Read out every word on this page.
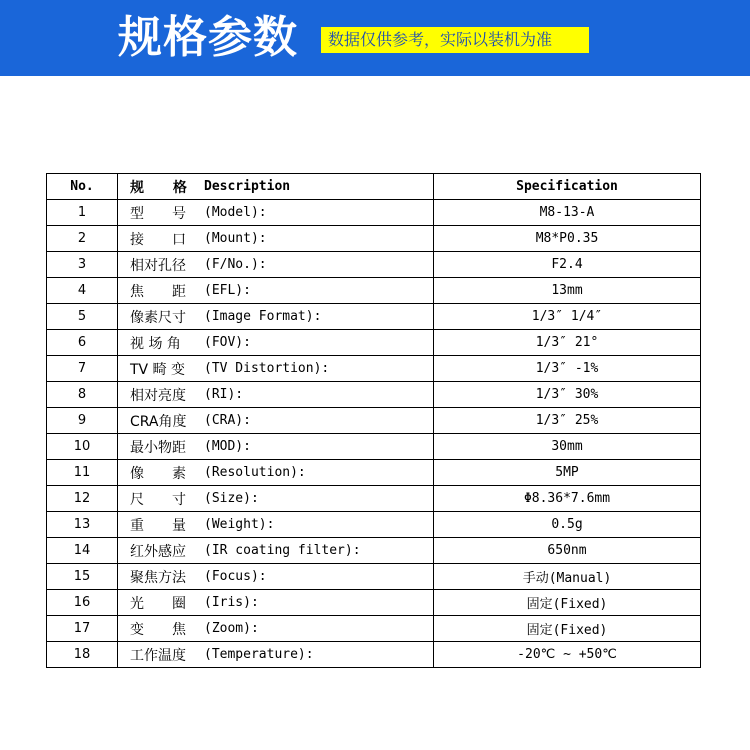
规格参数	数据仅供参考，实际以装机为准
No.	规 格 Description	Specification
1	型　　号 (Model):	M8-13-A
2	接　　口 (Mount):	M8*P0.35
3	相对孔径 (F/No.):	F2.4
4	焦　　距 (EFL):	13mm
5	像素尺寸 (Image Format):	1/3″ 1/4″
6	视 场 角 (FOV):	1/3″ 21°
7	TV 畸 变 (TV Distortion):	1/3″ -1%
8	相对亮度 (RI):	1/3″ 30%
9	CRA角度 (CRA):	1/3″ 25%
10	最小物距 (MOD):	30mm
11	像　　素 (Resolution):	5MP
12	尺　　寸 (Size):	Φ8.36*7.6mm
13	重　　量 (Weight):	0.5g
14	红外感应 (IR coating filter):	650nm
15	聚焦方法 (Focus):	手动(Manual)
16	光　　圈 (Iris):	固定(Fixed)
17	变　　焦 (Zoom):	固定(Fixed)
18	工作温度 (Temperature):	-20℃ ~ +50℃
